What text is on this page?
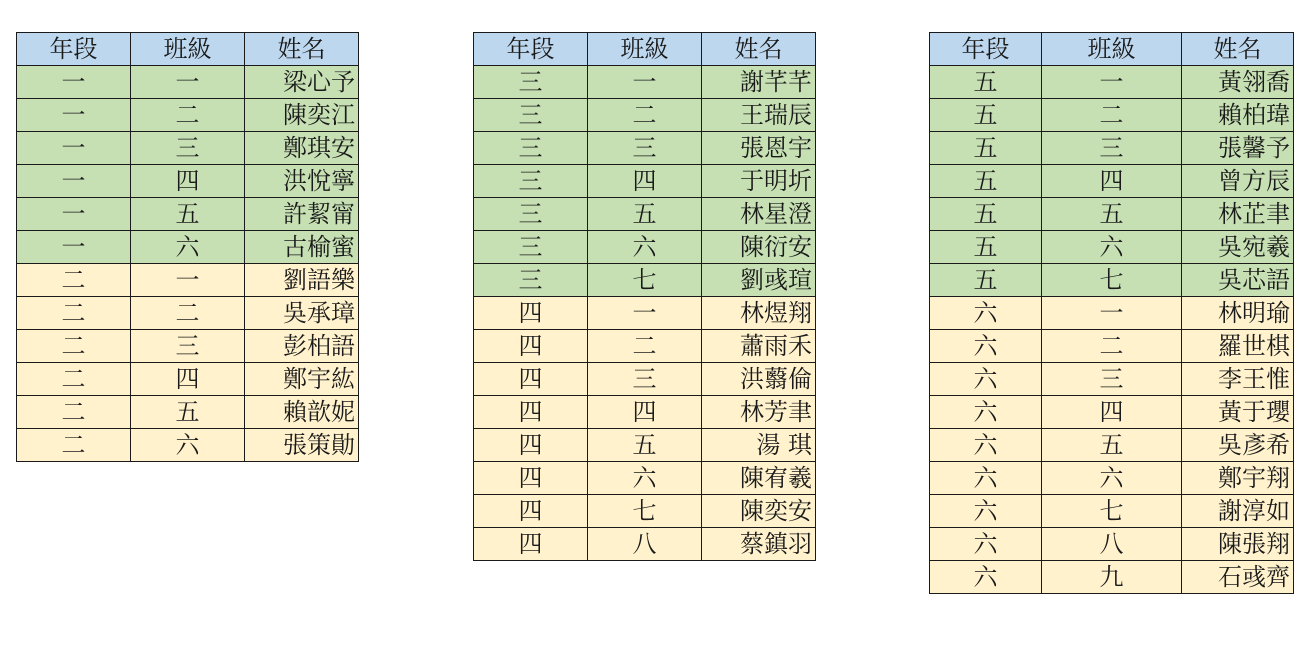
年段	班級	姓名
一	一	梁心予
一	二	陳奕江
一	三	鄭琪安
一	四	洪悅寧
一	五	許絜甯
一	六	古榆蜜
二	一	劉語樂
二	二	吳承璋
二	三	彭柏語
二	四	鄭宇紘
二	五	賴歆妮
二	六	張策勛
年段	班級	姓名
三	一	謝芊芊
三	二	王瑞辰
三	三	張恩宇
三	四	于明圻
三	五	林星澄
三	六	陳衍安
三	七	劉彧瑄
四	一	林煜翔
四	二	蕭雨禾
四	三	洪蘙倫
四	四	林芳聿
四	五	湯 琪
四	六	陳宥羲
四	七	陳奕安
四	八	蔡鎮羽
年段	班級	姓名
五	一	黃翎喬
五	二	賴柏瑋
五	三	張馨予
五	四	曾方辰
五	五	林芷聿
五	六	吳宛羲
五	七	吳芯語
六	一	林明瑜
六	二	羅世棋
六	三	李王惟
六	四	黃于瓔
六	五	吳彥希
六	六	鄭宇翔
六	七	謝淳如
六	八	陳張翔
六	九	石彧齊
